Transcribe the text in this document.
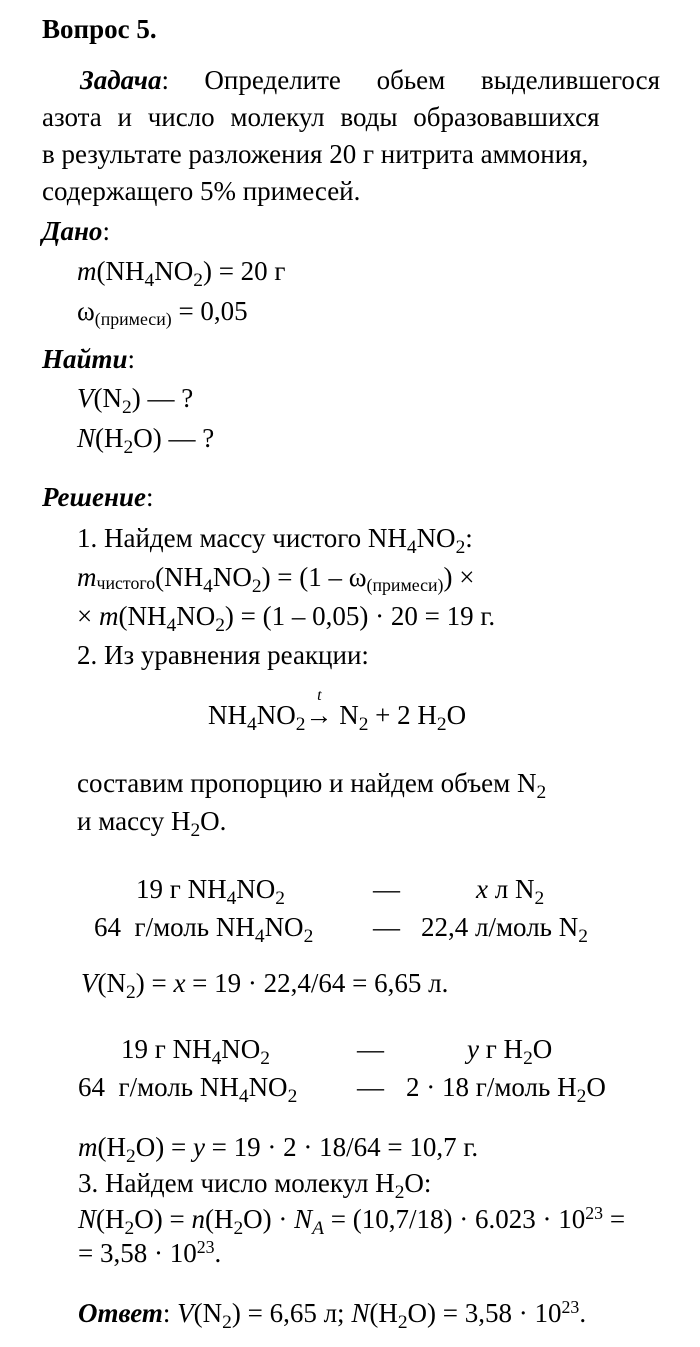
Вопрос 5.
Задача: Определите обьем выделившегося
азота и число молекул воды образовавшихся
в результате разложения 20 г нитрита аммония,
содержащего 5% примесей.
Дано:
$m(NH_4NO_2) = 20$ г
ω(примеси) = 0,05
Найти:
$V(N_2)$ — ?
$N(H_2O)$ — ?
Решение:
1. Найдем массу чистого $NH_4NO_2$:
$mчистого(NH_4NO_2) = (1$ – ω(примеси)) ×
× $m(NH_4NO_2) = (1 - 0,05) \cdot 20 = 19$ г.
2. Из уравнения реакции:
$NH_4NO_2$
t
→ $N_2 + 2$ $H_2O$
составим пропорцию и найдем объем $N_2$
и массу $H_2O$.
19 г $NH_4NO_2$	—	x л $N_2$
64  г/моль $NH_4NO_2$ — 22,4 л/моль $N_2$
$V(N_2) = x = 19 \cdot 22,4/64 = 6,65$ л.
19 г $NH_4NO_2$	—	y г $H_2O$
64  г/моль $NH_4NO_2$ — 2 · 18 г/моль $H_2O$
$m(H_2O) = y = 19 \cdot 2 \cdot 18/64 = 10,7$ г.
3. Найдем число молекул $H_2O$:
$N(H_2O) = n(H_2O) \cdot N_A = (10,7/18) \cdot 6.023 \cdot 10^{23}$ =
= $3,58 \cdot 10^{23}$.
Ответ: $V(N_2) = 6,65$ л; $N(H_2O) = 3,58 \cdot 10^{23}$.
